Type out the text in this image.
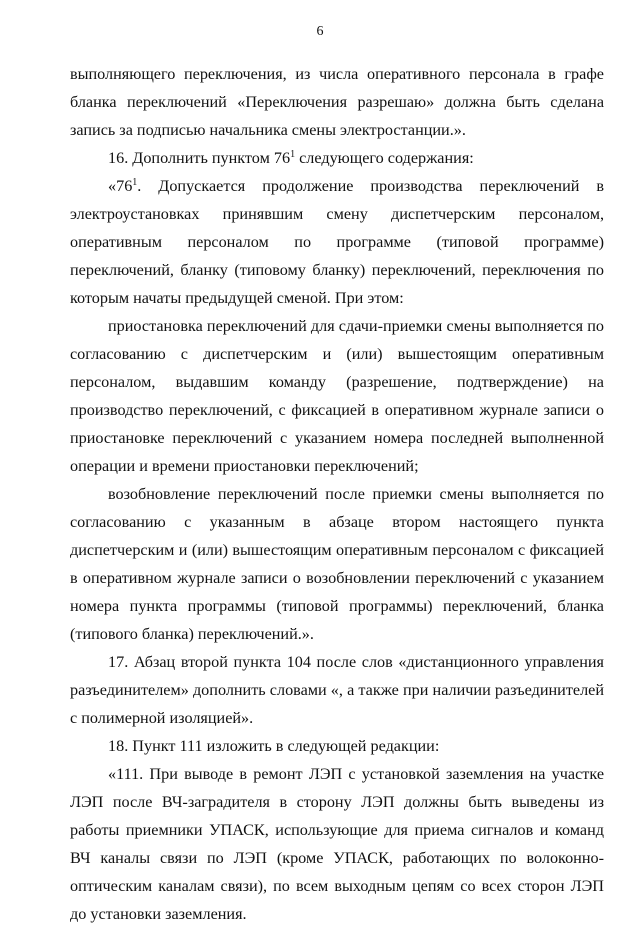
6

выполняющего переключения, из числа оперативного персонала в графе бланка переключений «Переключения разрешаю» должна быть сделана запись за подписью начальника смены электростанции.».

16. Дополнить пунктом $76^1$ следующего содержания:

«$76^1$. Допускается продолжение производства переключений в электроустановках принявшим смену диспетчерским персоналом, оперативным персоналом по программе (типовой программе) переключений, бланку (типовому бланку) переключений, переключения по которым начаты предыдущей сменой. При этом:

приостановка переключений для сдачи-приемки смены выполняется по согласованию с диспетчерским и (или) вышестоящим оперативным персоналом, выдавшим команду (разрешение, подтверждение) на производство переключений, с фиксацией в оперативном журнале записи о приостановке переключений с указанием номера последней выполненной операции и времени приостановки переключений;

возобновление переключений после приемки смены выполняется по согласованию с указанным в абзаце втором настоящего пункта диспетчерским и (или) вышестоящим оперативным персоналом с фиксацией в оперативном журнале записи о возобновлении переключений с указанием номера пункта программы (типовой программы) переключений, бланка (типового бланка) переключений.».

17. Абзац второй пункта 104 после слов «дистанционного управления разъединителем» дополнить словами «, а также при наличии разъединителей с полимерной изоляцией».

18. Пункт 111 изложить в следующей редакции:

«111. При выводе в ремонт ЛЭП с установкой заземления на участке ЛЭП после ВЧ-заградителя в сторону ЛЭП должны быть выведены из работы приемники УПАСК, использующие для приема сигналов и команд ВЧ каналы связи по ЛЭП (кроме УПАСК, работающих по волоконно-оптическим каналам связи), по всем выходным цепям со всех сторон ЛЭП до установки заземления.
